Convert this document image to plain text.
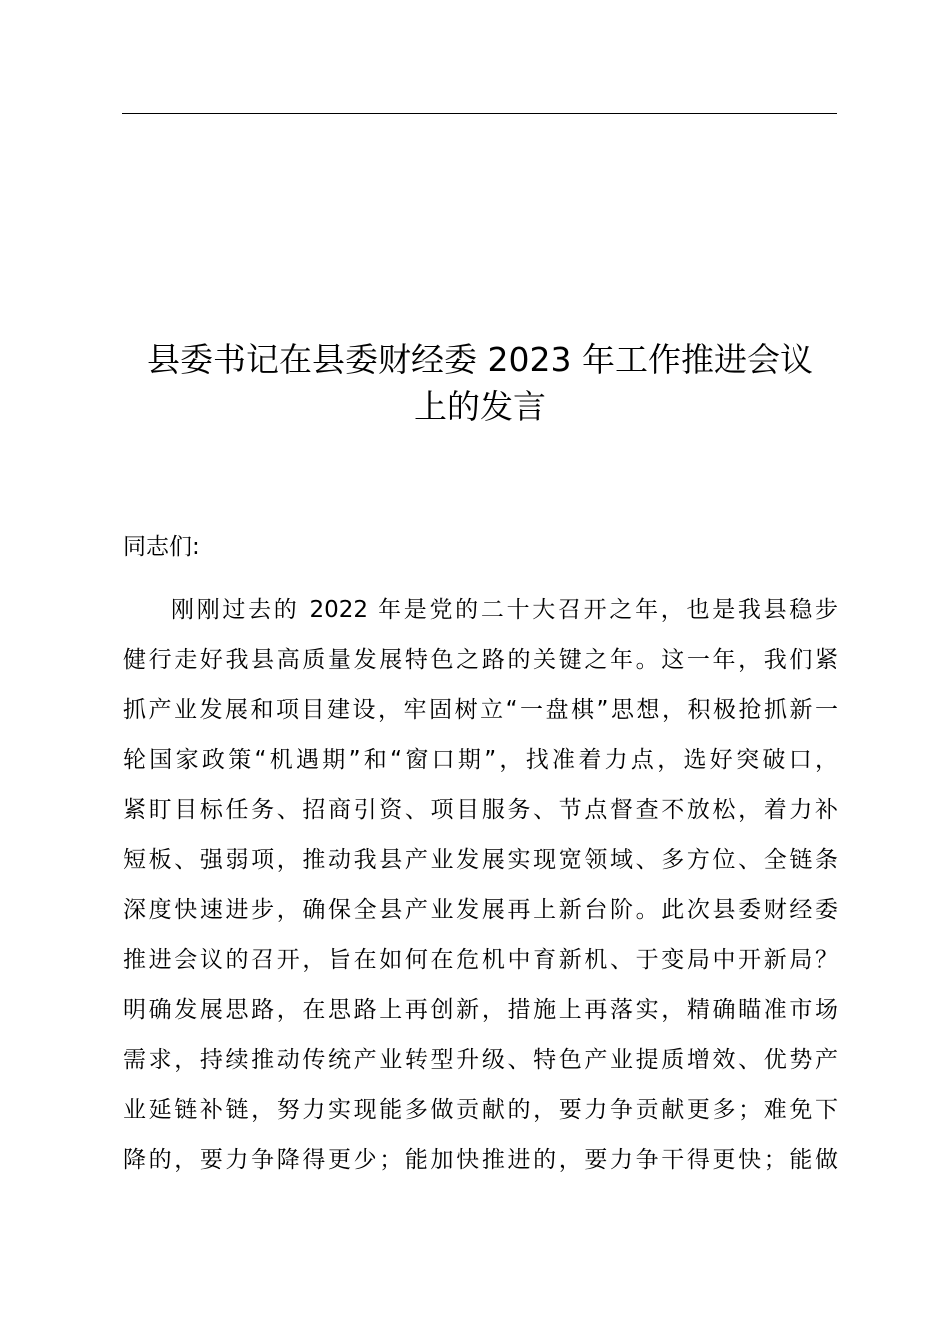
县委书记在县委财经委 2023 年工作推进会议
上的发言

同志们:

刚刚过去的 2022 年是党的二十大召开之年，也是我县稳步
健行走好我县高质量发展特色之路的关键之年。这一年，我们紧
抓产业发展和项目建设，牢固树立“一盘棋”思想，积极抢抓新一
轮国家政策“机遇期”和“窗口期”，找准着力点，选好突破口，
紧盯目标任务、招商引资、项目服务、节点督查不放松，着力补
短板、强弱项，推动我县产业发展实现宽领域、多方位、全链条
深度快速进步，确保全县产业发展再上新台阶。此次县委财经委
推进会议的召开，旨在如何在危机中育新机、于变局中开新局？
明确发展思路，在思路上再创新，措施上再落实，精确瞄准市场
需求，持续推动传统产业转型升级、特色产业提质增效、优势产
业延链补链，努力实现能多做贡献的，要力争贡献更多；难免下
降的，要力争降得更少；能加快推进的，要力争干得更快；能做
